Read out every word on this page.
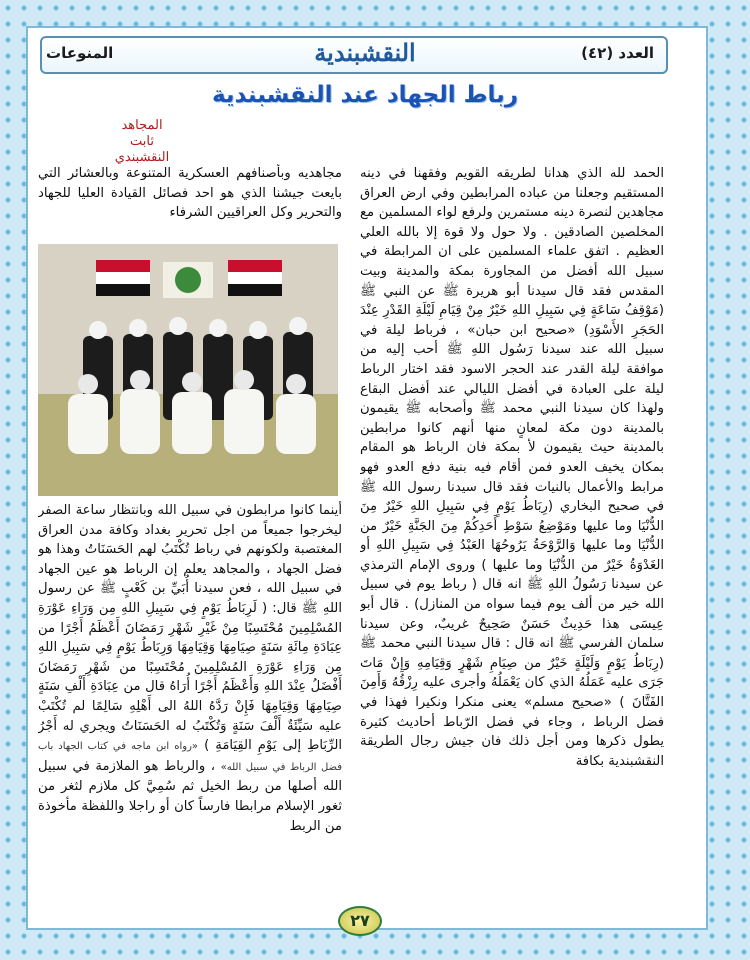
المنوعات	النقشبندية	العدد (٤٢)
رباط الجهاد عند النقشبندية
المجاهد
ثابت النقشبندي

الحمد لله الذي هدانا لطريقه القويم وفقهنا في دينه المستقيم وجعلنا من عباده المرابطين وفي ارض العراق مجاهدين لنصرة دينه مستمرين ولرفع لواء المسلمين مع المخلصين الصادقين . ولا حول ولا قوة إلا بالله العلي العظيم . اتفق علماء المسلمين على ان المرابطة في سبيل الله أفضل من المجاورة بمكة والمدينة وبيت المقدس فقد قال سيدنا أبو هريرة ﷺ عن النبي ﷺ (مَوْقِفُ سَاعَةٍ فِي سَبِيلِ اللهِ خَيْرٌ مِنْ قِيَامِ لَيْلَةِ القَدْرِ عِنْدَ الحَجَرِ الأَسْوَدِ) «صحيح ابن حبان» ، فرباط ليلة في سبيل الله عند سيدنا رَسُول اللهِ ﷺ أحب إليه من موافقة ليلة القدر عند الحجر الاسود فقد اختار الرباط ليلة على العبادة في أفضل الليالي عند أفضل البقاع ولهذا كان سيدنا النبي محمد ﷺ وأصحابه ﷺ يقيمون بالمدينة دون مكة لمعانٍ منها أنهم كانوا مرابطين بالمدينة حيث يقيمون لأ بمكة فان الرباط هو المقام بمكان يخيف العدو فمن أقام فيه بنية دفع العدو فهو مرابط والأعمال بالنيات فقد قال سيدنا رسول الله ﷺ في صحيح البخاري (رِبَاطُ يَوْمٍ فِي سَبِيلِ اللهِ خَيْرٌ مِنَ الدُّنْيَا وما عليها ومَوْضِعُ سَوْطِ أَحَدِكُمْ مِنَ الجَنَّةِ خَيْرٌ من الدُّنْيَا وما عليها وَالرَّوْحَةُ يَرُوحُهَا العَبْدُ فِي سَبِيلِ اللهِ أو الغَدْوَةُ خَيْرٌ من الدُّنْيَا وما عليها ) وروى الإمام الترمذي عن سيدنا رَسُولُ اللهِ ﷺ انه قال ( رباط يوم في سبيل الله خير من ألف يوم فيما سواه من المنازل) . قال أبو عِيسَى هذا حَدِيثٌ حَسَنٌ صَحِيحٌ غريبٌ، وعن سيدنا سلمان الفرسي ﷺ انه قال : قال سيدنا النبي محمد ﷺ (رِبَاطُ يَوْمٍ وَلَيْلَةٍ خَيْرٌ من صِيَامِ شَهْرٍ وَقِيَامِهِ وَإِنْ مَاتَ جَرَى عليه عَمَلُهُ الذي كان يَعْمَلُهُ وأجرى عليه رِزْقُهُ وَأَمِنَ الفَتَّانَ ) «صحيح مسلم» يعنى منكرا ونكيرا فهذا في فضل الرباط ، وجاء في فضل الرّباط أحاديث كثيرة يطول ذكرها ومن أجل ذلك فان جيش رجال الطريقة النقشبندية بكافة

مجاهديه وبأصنافهم العسكرية المتنوعة وبالعشائر التي بايعت جيشنا الذي هو احد فصائل القيادة العليا للجهاد والتحرير وكل العراقيين الشرفاء

أينما كانوا مرابطون في سبيل الله وبانتظار ساعة الصفر ليخرجوا جميعاً من اجل تحرير بغداد وكافة مدن العراق المغتصبة ولكونهم في رباط تُكْتَبُ لهم الحَسَنَاتُ وهذا هو فضل الجهاد ، والمجاهد يعلم إن الرباط هو عين الجهاد في سبيل الله ، فعن سيدنا أُبَيِّ بن كَعْبٍ ﷺ عن رسول اللهِ ﷺ قال: ( لَرِبَاطُ يَوْمٍ فِي سَبِيلِ اللهِ مِن وَرَاءِ عَوْرَةِ المُسْلِمِينَ مُحْتَسِبًا مِنْ غَيْرِ شَهْرِ رَمَضَانَ أَعْظَمُ أَجْرًا من عِبَادَةِ مِائَةِ سَنَةٍ صِيَامِهَا وَقِيَامِهَا وَرِبَاطُ يَوْمٍ فِي سَبِيلِ اللهِ مِن وَرَاءِ عَوْرَةِ المُسْلِمِينَ مُحْتَسِبًا من شَهْرِ رَمَضَانَ أَفْضَلُ عِنْدَ اللهِ وَأَعْظَمُ أَجْرًا أُرَاهُ قال من عِبَادَةِ أَلْفِ سَنَةٍ صِيَامِهَا وَقِيَامِهَا فَإِنْ رَدَّهُ اللهُ الى أَهْلِهِ سَالِمًا لم تُكْتَبْ عليه سَيِّئَةٌ أَلْفَ سَنَةٍ وَتُكْتَبُ له الحَسَنَاتُ ويجري له أَجْرُ الرِّبَاطِ إلى يَوْمِ القِيَامَةِ ) «رواه ابن ماجه في كتاب الجهاد باب فضل الرباط في سبيل الله» ، والرباط هو الملازمة في سبيل الله أصلها من ربط الخيل ثم سُمِيَّ كل ملازم لثغر من ثغور الإسلام مرابطا فارساً كان أو راجلا واللفظة مأخوذة من الربط

٢٧
